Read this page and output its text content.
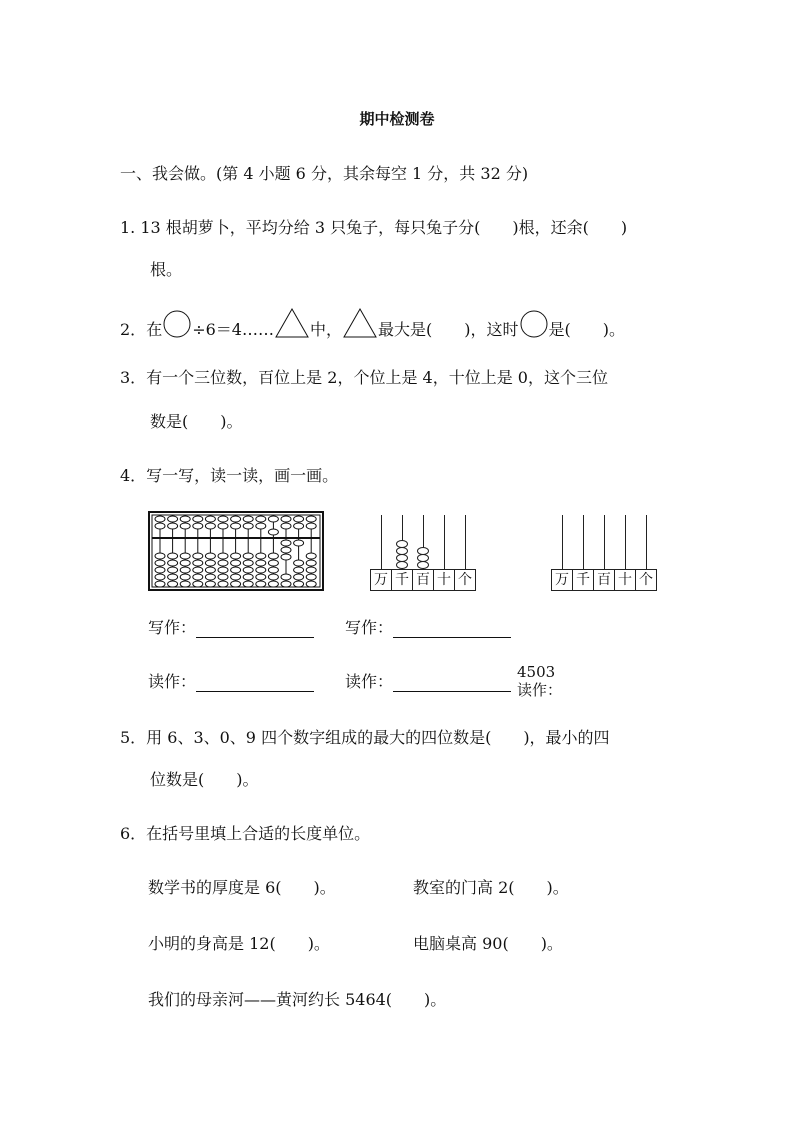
期中检测卷
一、我会做。(第 4 小题 6 分，其余每空 1 分，共 32 分)
1. 13 根胡萝卜，平均分给 3 只兔子，每只兔子分(　　)根，还余(　　)
根。
2．在 ÷6＝4…… 中， 最大是(　　)，这时 是(　　)。
3．有一个三位数，百位上是 2，个位上是 4，十位上是 0，这个三位
数是(　　)。
4．写一写，读一读，画一画。
万 千 百 十 个	万 千 百 十 个
写作：	写作：
读作：	读作：	4503
读作：
5．用 6、3、0、9 四个数字组成的最大的四位数是(　　)，最小的四
位数是(　　)。
6．在括号里填上合适的长度单位。
数学书的厚度是 6(　　)。	教室的门高 2(　　)。
小明的身高是 12(　　)。	电脑桌高 90(　　)。
我们的母亲河——黄河约长 5464(　　)。
